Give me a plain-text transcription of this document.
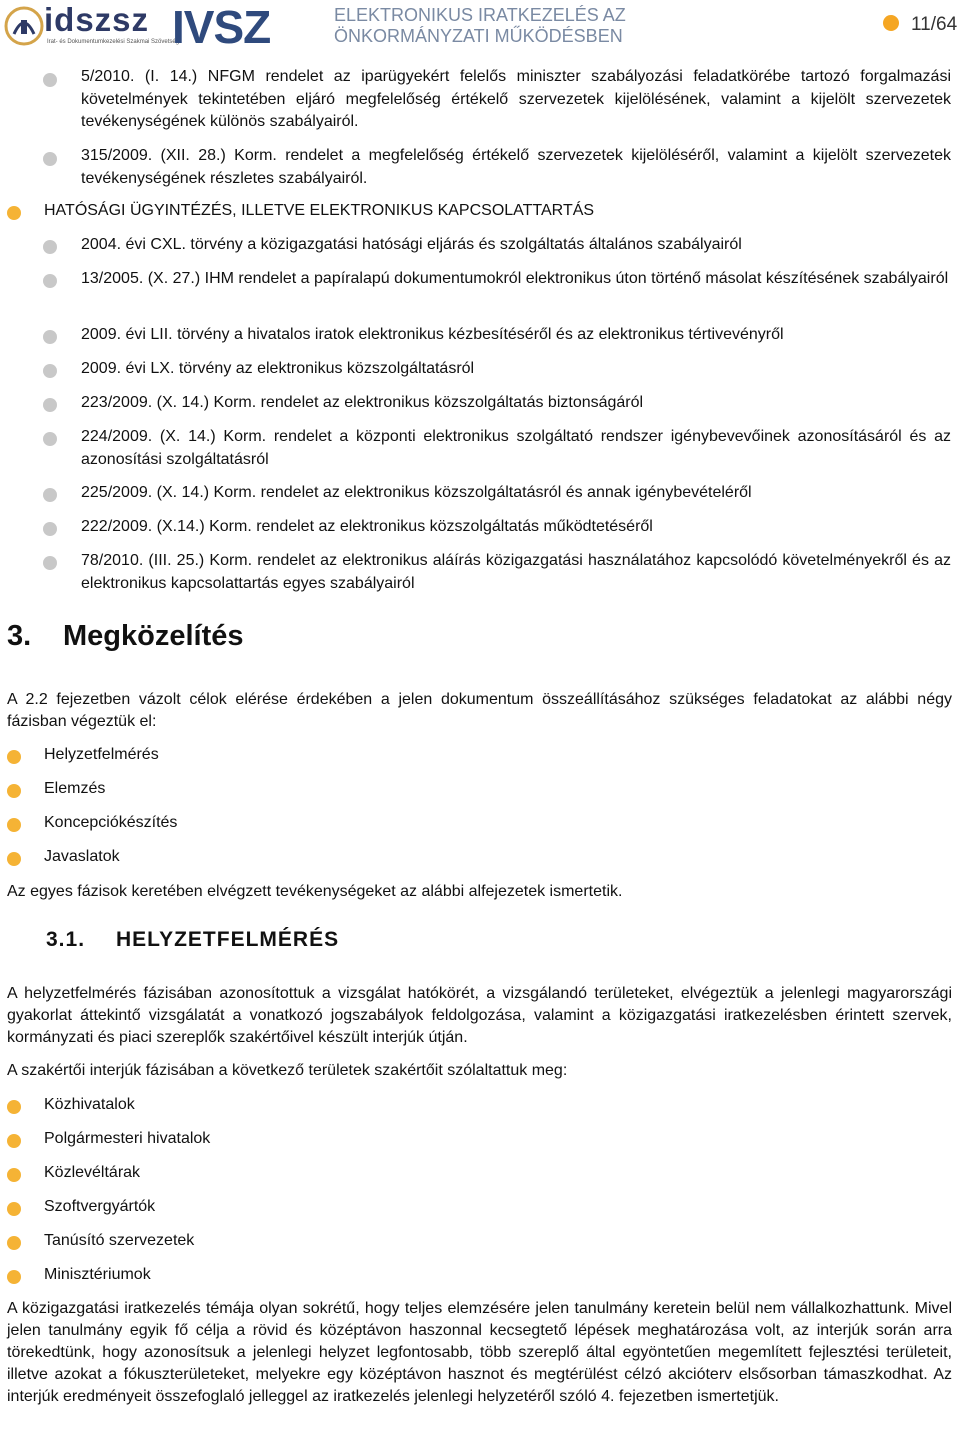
idszsz
Irat- és Dokumentumkezelési Szakmai Szövetség
IVSZ	ELEKTRONIKUS IRATKEZELÉS AZ
ÖNKORMÁNYZATI MŰKÖDÉSBEN
11/64
5/2010. (I. 14.) NFGM rendelet az iparügyekért felelős miniszter szabályozási feladatkörébe tartozó forgalmazási követelmények tekintetében eljáró megfelelőség értékelő szervezetek kijelölésének, valamint a kijelölt szervezetek tevékenységének különös szabályairól.
315/2009. (XII. 28.) Korm. rendelet a megfelelőség értékelő szervezetek kijelöléséről, valamint a kijelölt szervezetek tevékenységének részletes szabályairól.
HATÓSÁGI ÜGYINTÉZÉS, ILLETVE ELEKTRONIKUS KAPCSOLATTARTÁS
2004. évi CXL. törvény a közigazgatási hatósági eljárás és szolgáltatás általános szabályairól
13/2005. (X. 27.) IHM rendelet a papíralapú dokumentumokról elektronikus úton történő másolat készítésének szabályairól
2009. évi LII. törvény a hivatalos iratok elektronikus kézbesítéséről és az elektronikus tértivevényről
2009. évi LX. törvény az elektronikus közszolgáltatásról
223/2009. (X. 14.) Korm. rendelet az elektronikus közszolgáltatás biztonságáról
224/2009. (X. 14.) Korm. rendelet a központi elektronikus szolgáltató rendszer igénybevevőinek azonosításáról és az azonosítási szolgáltatásról
225/2009. (X. 14.) Korm. rendelet az elektronikus közszolgáltatásról és annak igénybevételéről
222/2009. (X.14.) Korm. rendelet az elektronikus közszolgáltatás működtetéséről
78/2010. (III. 25.) Korm. rendelet az elektronikus aláírás közigazgatási használatához kapcsolódó követelményekről és az elektronikus kapcsolattartás egyes szabályairól
3. Megközelítés
A 2.2 fejezetben vázolt célok elérése érdekében a jelen dokumentum összeállításához szükséges feladatokat az alábbi négy fázisban végeztük el:
Helyzetfelmérés
Elemzés
Koncepciókészítés
Javaslatok
Az egyes fázisok keretében elvégzett tevékenységeket az alábbi alfejezetek ismertetik.
3.1. HELYZETFELMÉRÉS
A helyzetfelmérés fázisában azonosítottuk a vizsgálat hatókörét, a vizsgálandó területeket, elvégeztük a jelenlegi magyarországi gyakorlat áttekintő vizsgálatát a vonatkozó jogszabályok feldolgozása, valamint a közigazgatási iratkezelésben érintett szervek, kormányzati és piaci szereplők szakértőivel készült interjúk útján.
A szakértői interjúk fázisában a következő területek szakértőit szólaltattuk meg:
Közhivatalok
Polgármesteri hivatalok
Közlevéltárak
Szoftvergyártók
Tanúsító szervezetek
Minisztériumok
A közigazgatási iratkezelés témája olyan sokrétű, hogy teljes elemzésére jelen tanulmány keretein belül nem vállalkozhattunk. Mivel jelen tanulmány egyik fő célja a rövid és középtávon haszonnal kecsegtető lépések meghatározása volt, az interjúk során arra törekedtünk, hogy azonosítsuk a jelenlegi helyzet legfontosabb, több szereplő által egyöntetűen megemlített fejlesztési területeit, illetve azokat a fókuszterületeket, melyekre egy középtávon hasznot és megtérülést célzó akcióterv elsősorban támaszkodhat. Az interjúk eredményeit összefoglaló jelleggel az iratkezelés jelenlegi helyzetéről szóló 4. fejezetben ismertetjük.
